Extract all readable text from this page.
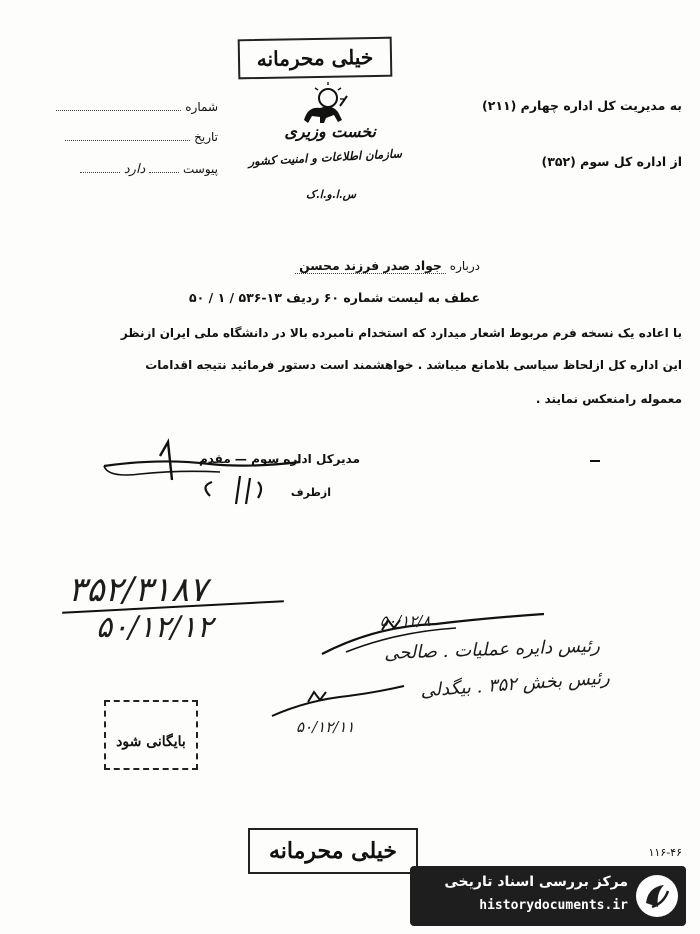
خیلی محرمانه
شماره
تاریخ
پیوست  دارد
نخست وزیری
سازمان اطلاعات و امنیت کشور
س.ا.و.ا.ک
به مدیریت کل اداره چهارم (۲۱۱)
از اداره کل سوم (۳۵۲)
درباره جواد صدر فرزند محسن
عطف به لیست شماره ۶۰ ردیف ۱۳-۵۳۶ / ۱ / ۵۰
با اعاده یک نسخه فرم مربوط اشعار میدارد که استخدام نامبرده بالا در دانشگاه ملی ایران ازنظر
این اداره کل ازلحاظ سیاسی بلامانع میباشد . خواهشمند است دستور فرمائید نتیجه اقدامات
معموله رامنعکس نمایند .
مدیرکل اداره سوم — مقدم
ازطرف
۳۵۲/۳۱۸۷
۵۰/۱۲/۱۲	۵۰/۱۲/۸
رئیس دایره عملیات . صالحی
رئیس بخش ۳۵۲ . بیگدلی
۵۰/۱۲/۱۱
بایگانی شود
خیلی محرمانه	۱۱۶-۴۶
مرکز بررسی اسناد تاریخی
historydocuments.ir
